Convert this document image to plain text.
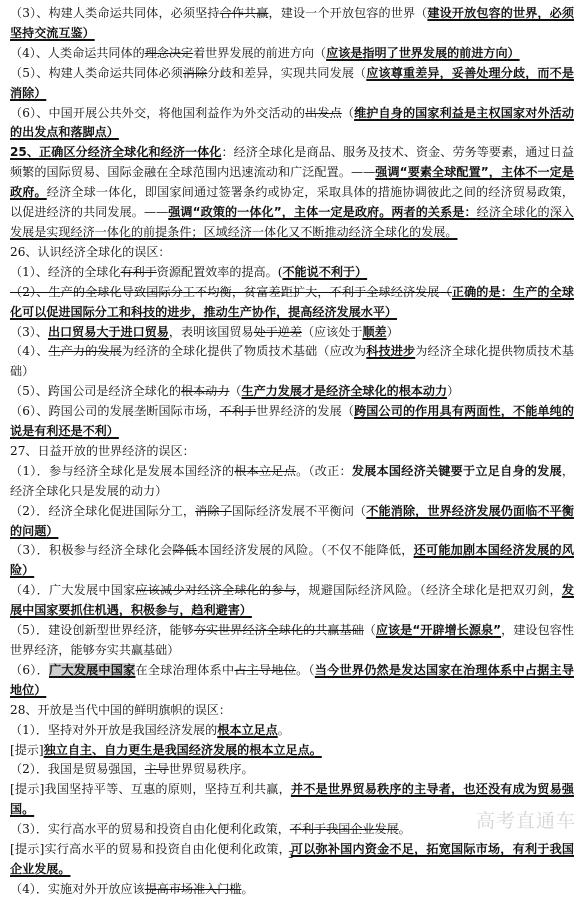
（3）、构建人类命运共同体，必须坚持合作共赢，建设一个开放包容的世界（建设开放包容的世界，必须坚持交流互鉴）

（4）、人类命运共同体的理念决定着世界发展的前进方向（应该是指明了世界发展的前进方向）

（5）、构建人类命运共同体必须消除分歧和差异，实现共同发展（应该尊重差异，妥善处理分歧，而不是消除）

（6）、中国开展公共外交，将他国利益作为外交活动的出发点（维护自身的国家利益是主权国家对外活动的出发点和落脚点）

25、正确区分经济全球化和经济一体化：经济全球化是商品、服务及技术、资金、劳务等要素，通过日益频繁的国际贸易、国际金融在全球范围内迅速流动和广泛配置。——强调“要素全球配置”，主体不一定是政府。经济全球一体化，即国家间通过签署条约或协定，采取具体的措施协调彼此之间的经济贸易政策，以促进经济的共同发展。——强调“政策的一体化”，主体一定是政府。两者的关系是：经济全球化的深入发展是实现经济一体化的前提条件；区域经济一体化又不断推动经济全球化的发展。

26、认识经济全球化的误区：

（1）、经济的全球化有利于资源配置效率的提高。(不能说不利于）

（2）、生产的全球化导致国际分工不均衡，贫富差距扩大，不利于全球经济发展（正确的是：生产的全球化可以促进国际分工和科技的进步，推动生产协作，提高经济发展水平）

（3）、出口贸易大于进口贸易，表明该国贸易处于逆差（应该处于顺差）

（4）、生产力的发展为经济的全球化提供了物质技术基础（应改为科技进步为经济全球化提供物质技术基础）

（5）、跨国公司是经济全球化的根本动力（生产力发展才是经济全球化的根本动力）

（6）、跨国公司的发展垄断国际市场，不利于世界经济的发展（跨国公司的作用具有两面性，不能单纯的说是有利还是不利）

27、日益开放的世界经济的误区：

（1）．参与经济全球化是发展本国经济的根本立足点。（改正：发展本国经济关键要于立足自身的发展，经济全球化只是发展的动力）

（2）．经济全球化促进国际分工，消除了国际经济发展不平衡问（不能消除，世界经济发展仍面临不平衡的问题）

（3）．积极参与经济全球化会降低本国经济发展的风险。（不仅不能降低，还可能加剧本国经济发展的风险）

（4）．广大发展中国家应该减少对经济全球化的参与，规避国际经济风险。（经济全球化是把双刃剑，发展中国家要抓住机遇，积极参与，趋利避害）

（5）．建设创新型世界经济，能够夯实世界经济全球化的共赢基础（应该是“开辟增长源泉”，建设包容性世界经济，能够夯实共赢基础）

（6）．广大发展中国家在全球治理体系中占主导地位。（当今世界仍然是发达国家在治理体系中占据主导地位）

28、开放是当代中国的鲜明旗帜的误区：

（1）．坚持对外开放是我国经济发展的根本立足点。

[提示]独立自主、自力更生是我国经济发展的根本立足点。

（2）．我国是贸易强国，主导世界贸易秩序。

[提示]我国坚持平等、互惠的原则，坚持互利共赢，并不是世界贸易秩序的主导者，也还没有成为贸易强国。

（3）．实行高水平的贸易和投资自由化便利化政策，不利于我国企业发展。

[提示]实行高水平的贸易和投资自由化便利化政策，可以弥补国内资金不足，拓宽国际市场，有利于我国企业发展。

（4）．实施对外开放应该提高市场准入门槛。

高考直通车
3
